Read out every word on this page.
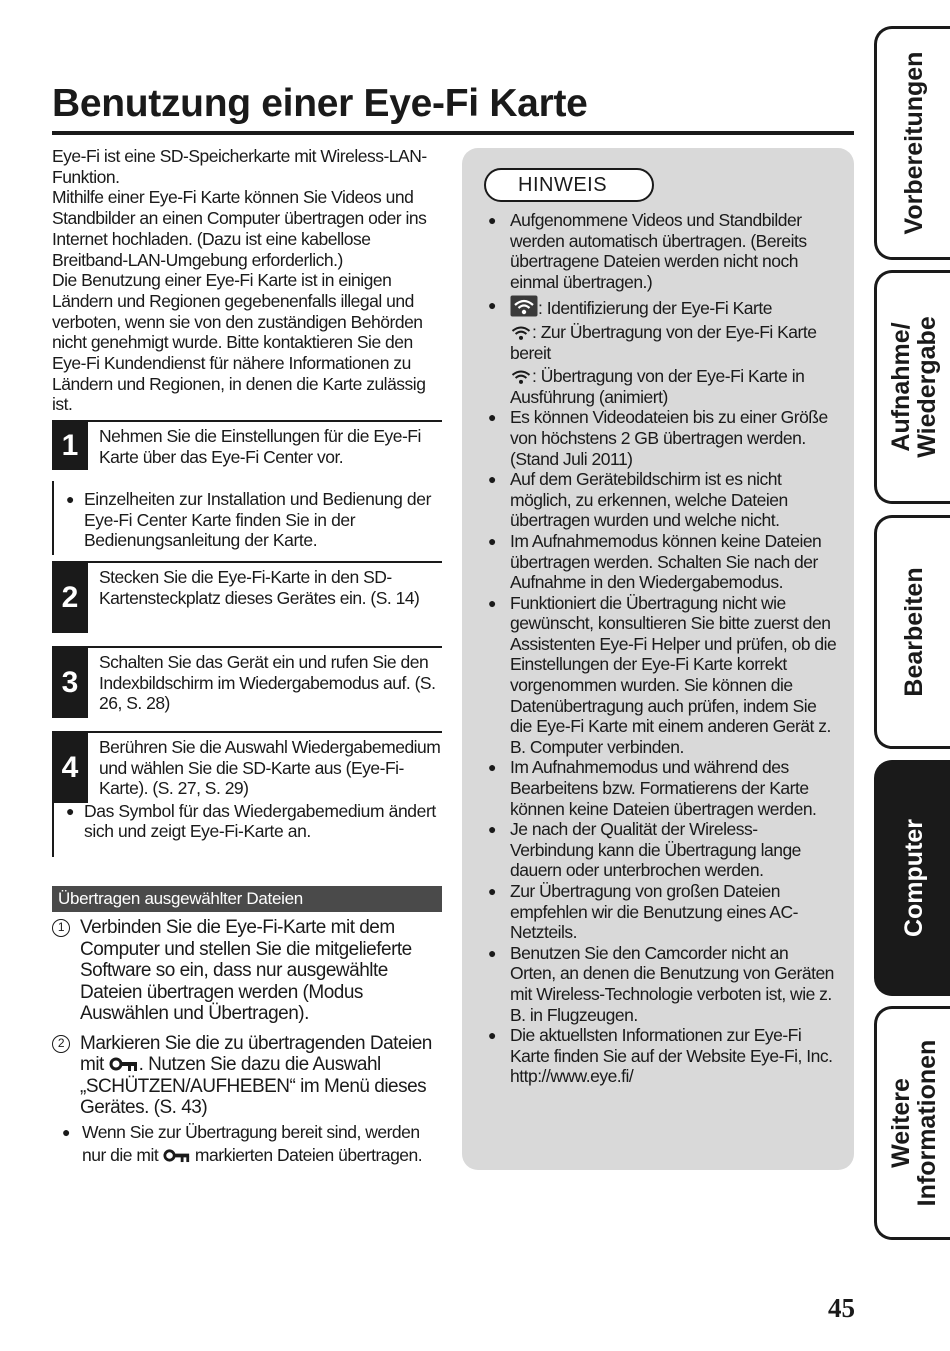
Benutzung einer Eye-Fi Karte

Eye-Fi ist eine SD-Speicherkarte mit Wireless-LAN-Funktion.

Mithilfe einer Eye-Fi Karte können Sie Videos und Standbilder an einen Computer übertragen oder ins Internet hochladen. (Dazu ist eine kabellose Breitband-LAN-Umgebung erforderlich.)

Die Benutzung einer Eye-Fi Karte ist in einigen Ländern und Regionen gegebenenfalls illegal und verboten, wenn sie von den zuständigen Behörden nicht genehmigt wurde. Bitte kontaktieren Sie den Eye-Fi Kundendienst für nähere Informationen zu Ländern und Regionen, in denen die Karte zulässig ist.

1	Nehmen Sie die Einstellungen für die Eye-Fi Karte über das Eye-Fi Center vor.
● Einzelheiten zur Installation und Bedienung der Eye-Fi Center Karte finden Sie in der Bedienungsanleitung der Karte.
2
Stecken Sie die Eye-Fi-Karte in den SD-Kartensteckplatz dieses Gerätes ein. (S. 14)
3
Schalten Sie das Gerät ein und rufen Sie den Indexbildschirm im Wiedergabemodus auf. (S. 26, S. 28)
4
Berühren Sie die Auswahl Wiedergabemedium und wählen Sie die SD-Karte aus (Eye-Fi-Karte). (S. 27, S. 29)
● Das Symbol für das Wiedergabemedium ändert sich und zeigt Eye-Fi-Karte an.
Übertragen ausgewählter Dateien
1 Verbinden Sie die Eye-Fi-Karte mit dem Computer und stellen Sie die mitgelieferte Software so ein, dass nur ausgewählte Dateien übertragen werden (Modus Auswählen und Übertragen).
2 Markieren Sie die zu übertragenden Dateien mit . Nutzen Sie dazu die Auswahl „SCHÜTZEN/AUFHEBEN“ im Menü dieses Gerätes. (S. 43)
● Wenn Sie zur Übertragung bereit sind, werden nur die mit  markierten Dateien übertragen.
HINWEIS
● Aufgenommene Videos und Standbilder werden automatisch übertragen. (Bereits übertragene Dateien werden nicht noch einmal übertragen.)

●	: Identifizierung der Eye-Fi Karte

: Zur Übertragung von der Eye-Fi Karte bereit

: Übertragung von der Eye-Fi Karte in Ausführung (animiert)

● Es können Videodateien bis zu einer Größe von höchstens 2 GB übertragen werden. (Stand Juli 2011)

● Auf dem Gerätebildschirm ist es nicht möglich, zu erkennen, welche Dateien übertragen wurden und welche nicht.

● Im Aufnahmemodus können keine Dateien übertragen werden. Schalten Sie nach der Aufnahme in den Wiedergabemodus.

● Funktioniert die Übertragung nicht wie gewünscht, konsultieren Sie bitte zuerst den Assistenten Eye-Fi Helper und prüfen, ob die Einstellungen der Eye-Fi Karte korrekt vorgenommen wurden. Sie können die Datenübertragung auch prüfen, indem Sie die Eye-Fi Karte mit einem anderen Gerät z. B. Computer verbinden.

● Im Aufnahmemodus und während des Bearbeitens bzw. Formatierens der Karte können keine Dateien übertragen werden.

● Je nach der Qualität der Wireless-Verbindung kann die Übertragung lange dauern oder unterbrochen werden.

● Zur Übertragung von großen Dateien empfehlen wir die Benutzung eines AC-Netzteils.

● Benutzen Sie den Camcorder nicht an Orten, an denen die Benutzung von Geräten mit Wireless-Technologie verboten ist, wie z. B. in Flugzeugen.

● Die aktuellsten Informationen zur Eye-Fi Karte finden Sie auf der Website Eye-Fi, Inc.

http://www.eye.fi/

Vorbereitungen
Aufnahme/
Wiedergabe
Bearbeiten
Computer
Weitere
Informationen
45
